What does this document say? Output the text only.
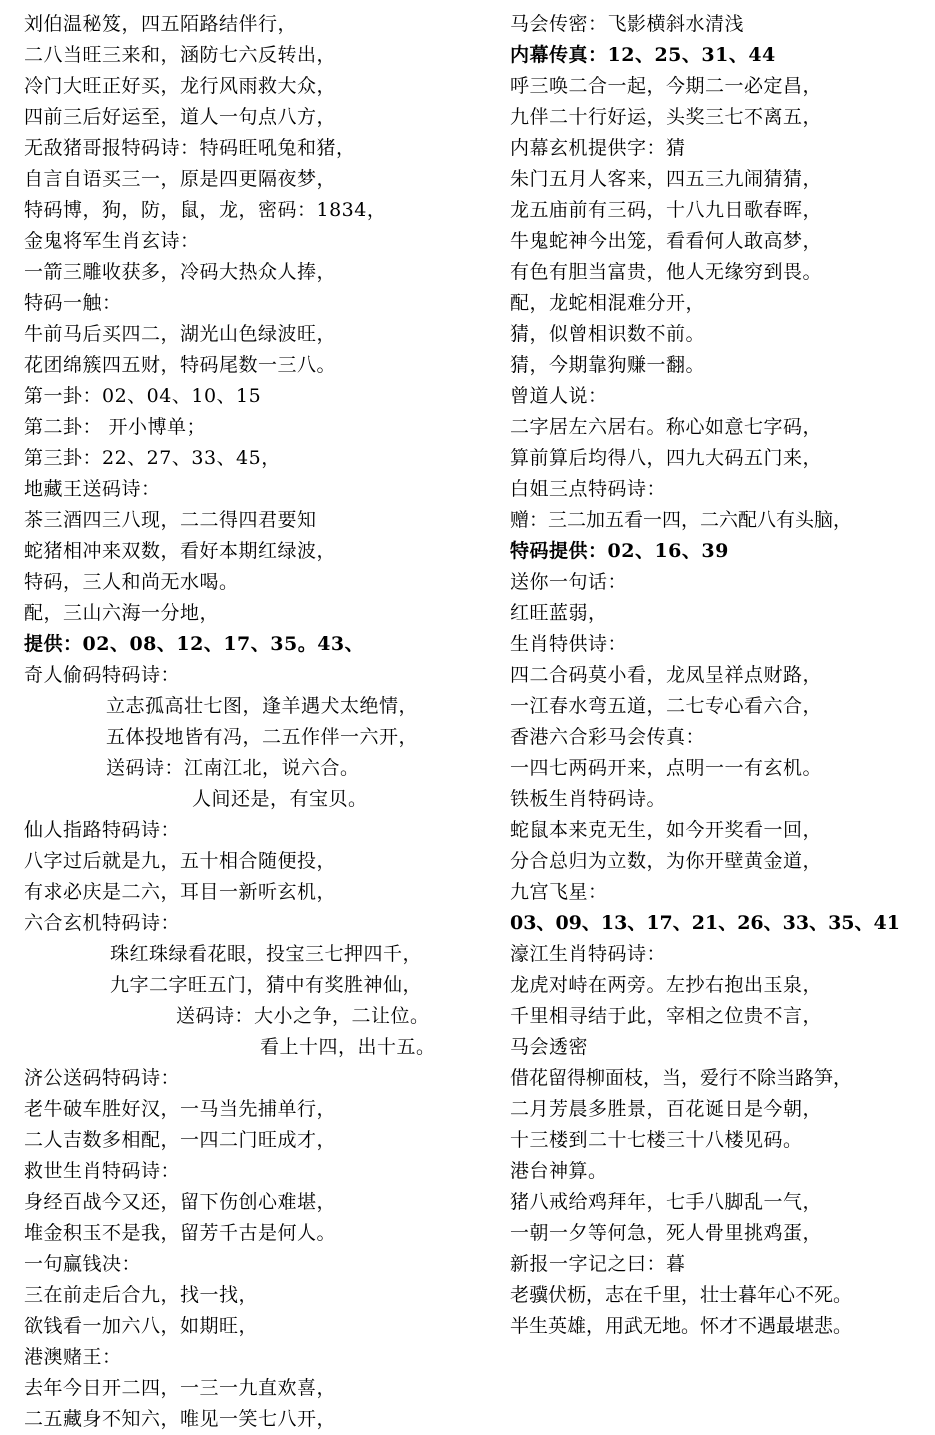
刘伯温秘笈，四五陌路结伴行，
二八当旺三来和，涵防七六反转出，
冷门大旺正好买，龙行风雨救大众，
四前三后好运至，道人一句点八方，
无敌猪哥报特码诗：特码旺吼兔和猪，
自言自语买三一，原是四更隔夜梦，
特码博，狗，防，鼠，龙，密码：1834，
金鬼将军生肖玄诗：
一箭三雕收获多，冷码大热众人捧，
特码一触：
牛前马后买四二，湖光山色绿波旺，
花团绵簇四五财，特码尾数一三八。
第一卦：02、04、10、15
第二卦： 开小博单；
第三卦：22、27、33、45，
地藏王送码诗：
茶三酒四三八现，二二得四君要知
蛇猪相冲来双数，看好本期红绿波，
特码，三人和尚无水喝。
配，三山六海一分地，
提供：02、08、12、17、35。43、
奇人偷码特码诗：
立志孤高壮七图，逢羊遇犬太绝情，
五体投地皆有冯，二五作伴一六开，
送码诗：江南江北，说六合。
人间还是，有宝贝。
仙人指路特码诗：
八字过后就是九，五十相合随便投，
有求必庆是二六，耳目一新听玄机，
六合玄机特码诗：
珠红珠绿看花眼，投宝三七押四千，
九字二字旺五门，猜中有奖胜神仙，
送码诗：大小之争，二让位。
看上十四，出十五。
济公送码特码诗：
老牛破车胜好汉，一马当先捕单行，
二人吉数多相配，一四二门旺成才，
救世生肖特码诗：
身经百战今又还，留下伤创心难堪，
堆金积玉不是我，留芳千古是何人。
一句赢钱决：
三在前走后合九，找一找，
欲钱看一加六八，如期旺，
港澳赌王：
去年今日开二四，一三一九直欢喜，
二五藏身不知六，唯见一笑七八开，
马会传密：飞影横斜水清浅
内幕传真：12、25、31、44
呼三唤二合一起，今期二一必定昌，
九伴二十行好运，头奖三七不离五，
内幕玄机提供字：猜
朱门五月人客来，四五三九闹猜猜，
龙五庙前有三码，十八九日歌春晖，
牛鬼蛇神今出笼，看看何人敢高梦，
有色有胆当富贵，他人无缘穷到畏。
配，龙蛇相混难分开，
猜，似曾相识数不前。
猜，今期靠狗赚一翻。
曾道人说：
二字居左六居右。称心如意七字码，
算前算后均得八，四九大码五门来，
白姐三点特码诗：
赠：三二加五看一四，二六配八有头脑，
特码提供：02、16、39
送你一句话：
红旺蓝弱，
生肖特供诗：
四二合码莫小看，龙凤呈祥点财路，
一江春水弯五道，二七专心看六合，
香港六合彩马会传真：
一四七两码开来，点明一一有玄机。
铁板生肖特码诗。
蛇鼠本来克无生，如今开奖看一回，
分合总归为立数，为你开壁黄金道，
九宫飞星：
03、09、13、17、21、26、33、35、41
濠江生肖特码诗：
龙虎对峙在两旁。左抄右抱出玉泉，
千里相寻结于此，宰相之位贵不言，
马会透密
借花留得柳面枝，当，爱行不除当路笋，
二月芳晨多胜景，百花诞日是今朝，
十三楼到二十七楼三十八楼见码。
港台神算。
猪八戒给鸡拜年，七手八脚乱一气，
一朝一夕等何急，死人骨里挑鸡蛋，
新报一字记之曰：暮
老骥伏枥，志在千里，壮士暮年心不死。
半生英雄，用武无地。怀才不遇最堪悲。
